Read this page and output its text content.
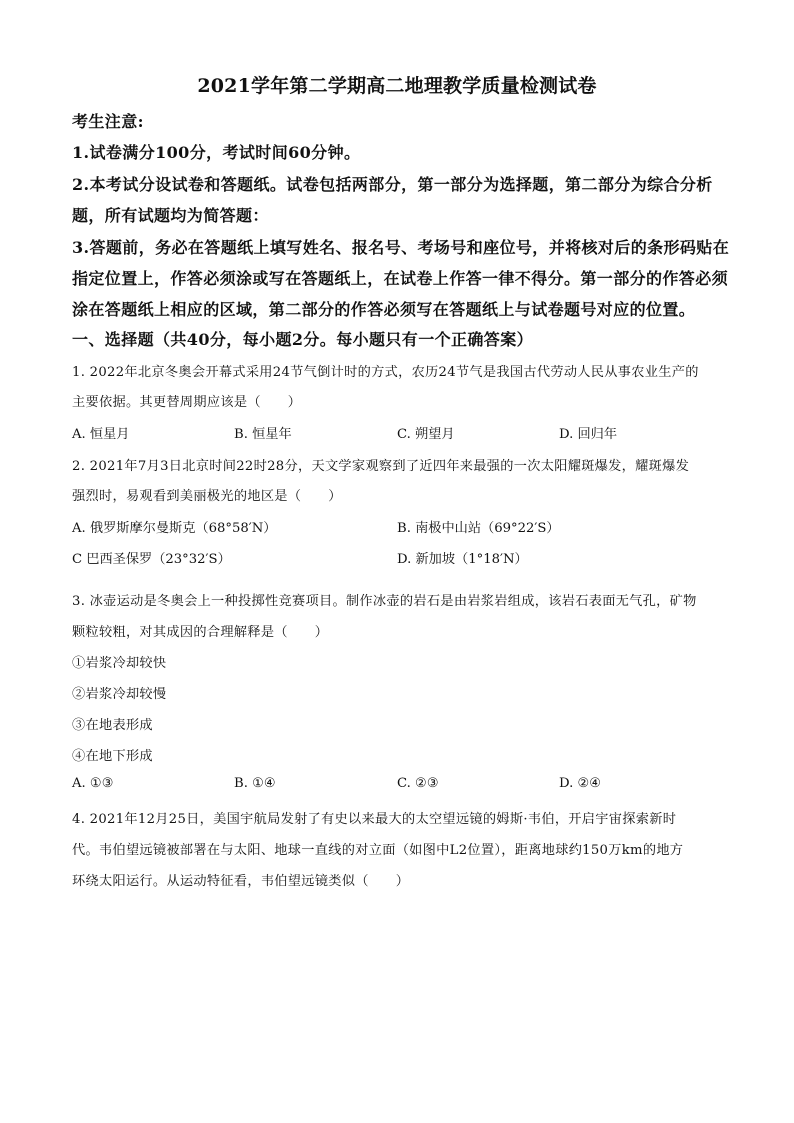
2021学年第二学期高二地理教学质量检测试卷
考生注意:
1.试卷满分100分，考试时间60分钟。
2.本考试分设试卷和答题纸。试卷包括两部分，第一部分为选择题，第二部分为综合分析
题，所有试题均为简答题：
3.答题前，务必在答题纸上填写姓名、报名号、考场号和座位号，并将核对后的条形码贴在
指定位置上，作答必须涂或写在答题纸上，在试卷上作答一律不得分。第一部分的作答必须
涂在答题纸上相应的区域，第二部分的作答必须写在答题纸上与试卷题号对应的位置。
一、选择题（共40分，每小题2分。每小题只有一个正确答案）
1. 2022年北京冬奥会开幕式采用24节气倒计时的方式，农历24节气是我国古代劳动人民从事农业生产的
主要依据。其更替周期应该是（　　）
A. 恒星月	B. 恒星年	C. 朔望月	D. 回归年
2. 2021年7月3日北京时间22时28分，天文学家观察到了近四年来最强的一次太阳耀斑爆发，耀斑爆发
强烈时，易观看到美丽极光的地区是（　　）
A. 俄罗斯摩尔曼斯克（68°58′N）	B. 南极中山站（69°22′S）
C 巴西圣保罗（23°32′S）	D. 新加坡（1°18′N）
3. 冰壶运动是冬奥会上一种投掷性竞赛项目。制作冰壶的岩石是由岩浆岩组成，该岩石表面无气孔，矿物
颗粒较粗，对其成因的合理解释是（　　）
①岩浆冷却较快
②岩浆冷却较慢
③在地表形成
④在地下形成
A. ①③	B. ①④	C. ②③	D. ②④
4. 2021年12月25日，美国宇航局发射了有史以来最大的太空望远镜的姆斯·韦伯，开启宇宙探索新时
代。韦伯望远镜被部署在与太阳、地球一直线的对立面（如图中L2位置），距离地球约150万km的地方
环绕太阳运行。从运动特征看，韦伯望远镜类似（　　）
